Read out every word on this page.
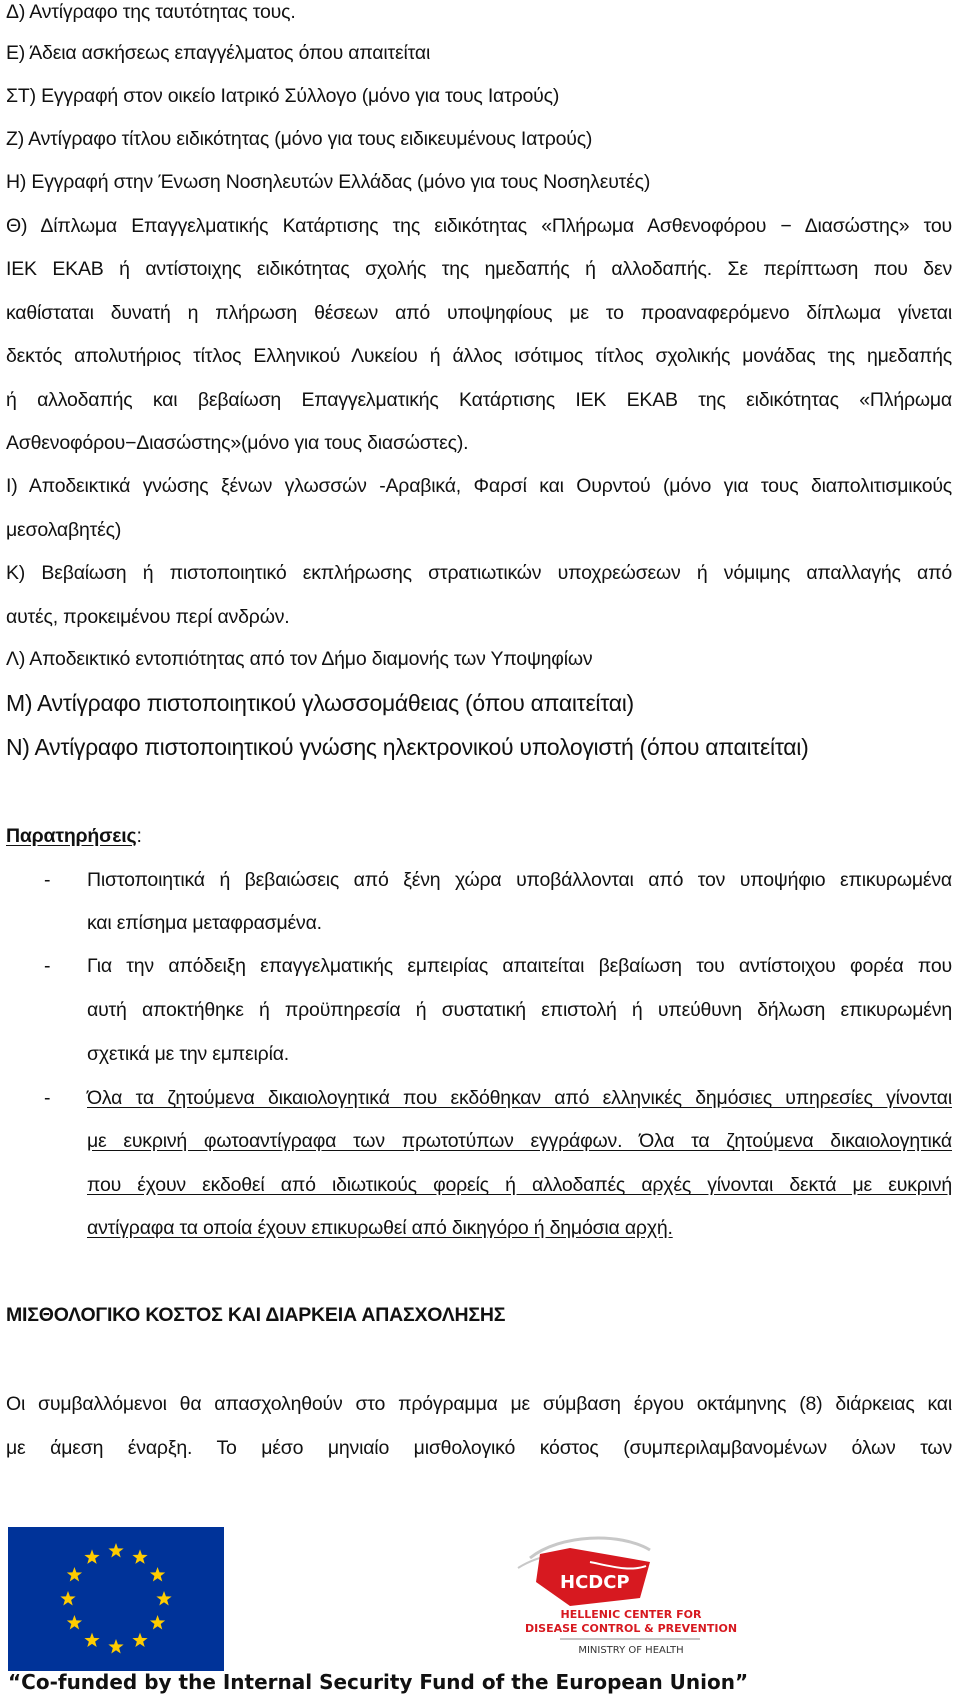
Δ) Αντίγραφο της ταυτότητας τους.
Ε) Άδεια ασκήσεως επαγγέλματος όπου απαιτείται
ΣΤ) Εγγραφή στον οικείο Ιατρικό Σύλλογο (μόνο για τους Ιατρούς)
Ζ) Αντίγραφο τίτλου ειδικότητας (μόνο για τους ειδικευμένους Ιατρούς)
Η) Εγγραφή στην Ένωση Νοσηλευτών Ελλάδας (μόνο για τους Νοσηλευτές)
Θ) Δίπλωμα Επαγγελματικής Κατάρτισης της ειδικότητας «Πλήρωμα Ασθενοφόρου − Διασώστης» του
ΙΕΚ ΕΚΑΒ ή αντίστοιχης ειδικότητας σχολής της ημεδαπής ή αλλοδαπής. Σε περίπτωση που δεν
καθίσταται δυνατή η πλήρωση θέσεων από υποψηφίους με το προαναφερόμενο δίπλωμα γίνεται
δεκτός απολυτήριος τίτλος Ελληνικού Λυκείου ή άλλος ισότιμος τίτλος σχολικής μονάδας της ημεδαπής
ή αλλοδαπής και βεβαίωση Επαγγελματικής Κατάρτισης ΙΕΚ ΕΚΑΒ της ειδικότητας «Πλήρωμα
Ασθενοφόρου−Διασώστης»(μόνο για τους διασώστες).
Ι) Αποδεικτικά γνώσης ξένων γλωσσών -Αραβικά, Φαρσί και Ουρντού (μόνο για τους διαπολιτισμικούς
μεσολαβητές)
Κ) Βεβαίωση ή πιστοποιητικό εκπλήρωσης στρατιωτικών υποχρεώσεων ή νόμιμης απαλλαγής από
αυτές, προκειμένου περί ανδρών.
Λ) Αποδεικτικό εντοπιότητας από τον Δήμο διαμονής των Υποψηφίων
Μ) Αντίγραφο πιστοποιητικού γλωσσομάθειας (όπου απαιτείται)
Ν) Αντίγραφο πιστοποιητικού γνώσης ηλεκτρονικού υπολογιστή (όπου απαιτείται)
Παρατηρήσεις:
- Πιστοποιητικά ή βεβαιώσεις από ξένη χώρα υποβάλλονται από τον υποψήφιο επικυρωμένα
και επίσημα μεταφρασμένα.
- Για την απόδειξη επαγγελματικής εμπειρίας απαιτείται βεβαίωση του αντίστοιχου φορέα που
αυτή αποκτήθηκε ή προϋπηρεσία ή συστατική επιστολή ή υπεύθυνη δήλωση επικυρωμένη
σχετικά με την εμπειρία.
- Όλα τα ζητούμενα δικαιολογητικά που εκδόθηκαν από ελληνικές δημόσιες υπηρεσίες γίνονται
με ευκρινή φωτοαντίγραφα των πρωτοτύπων εγγράφων. Όλα τα ζητούμενα δικαιολογητικά
που έχουν εκδοθεί από ιδιωτικούς φορείς ή αλλοδαπές αρχές γίνονται δεκτά με ευκρινή
αντίγραφα τα οποία έχουν επικυρωθεί από δικηγόρο ή δημόσια αρχή.
ΜΙΣΘΟΛΟΓΙΚΟ ΚΟΣΤΟΣ ΚΑΙ ΔΙΑΡΚΕΙΑ ΑΠΑΣΧΟΛΗΣΗΣ
Οι συμβαλλόμενοι θα απασχοληθούν στο πρόγραμμα με σύμβαση έργου οκτάμηνης (8) διάρκειας και
με άμεση έναρξη. Το μέσο μηνιαίο μισθολογικό κόστος (συμπεριλαμβανομένων όλων των
HCDCP
HELLENIC CENTER FOR
DISEASE CONTROL & PREVENTION
MINISTRY OF HEALTH
“Co-funded by the Internal Security Fund of the European Union”
